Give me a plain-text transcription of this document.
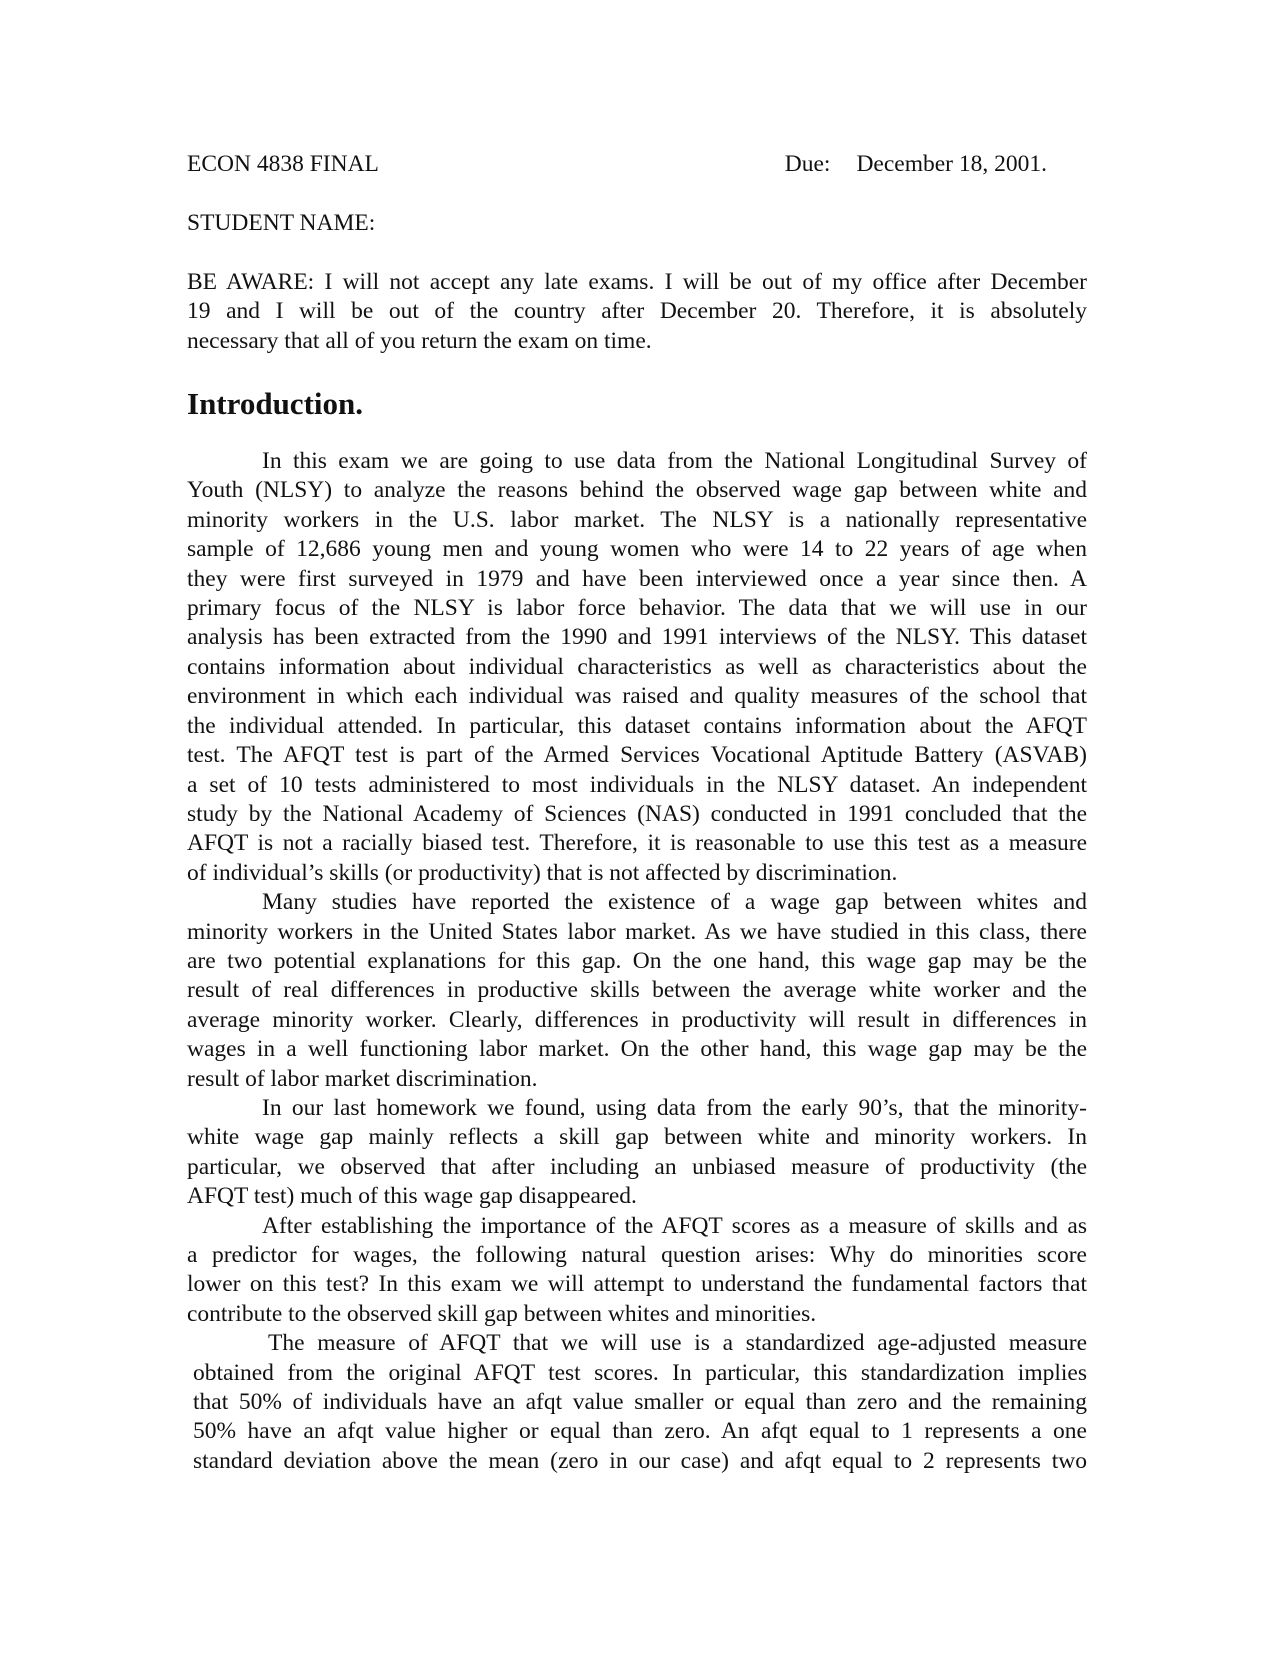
ECON 4838 FINAL	Due: December 18, 2001.
STUDENT NAME:
BE AWARE: I will not accept any late exams. I will be out of my office after December
19 and I will be out of the country after December 20. Therefore, it is absolutely
necessary that all of you return the exam on time.
Introduction.
In this exam we are going to use data from the National Longitudinal Survey of
Youth (NLSY) to analyze the reasons behind the observed wage gap between white and
minority workers in the U.S. labor market. The NLSY is a nationally representative
sample of 12,686 young men and young women who were 14 to 22 years of age when
they were first surveyed in 1979 and have been interviewed once a year since then. A
primary focus of the NLSY is labor force behavior. The data that we will use in our
analysis has been extracted from the 1990 and 1991 interviews of the NLSY. This dataset
contains information about individual characteristics as well as characteristics about the
environment in which each individual was raised and quality measures of the school that
the individual attended. In particular, this dataset contains information about the AFQT
test. The AFQT test is part of the Armed Services Vocational Aptitude Battery (ASVAB)
a set of 10 tests administered to most individuals in the NLSY dataset. An independent
study by the National Academy of Sciences (NAS) conducted in 1991 concluded that the
AFQT is not a racially biased test. Therefore, it is reasonable to use this test as a measure
of individual’s skills (or productivity) that is not affected by discrimination.
Many studies have reported the existence of a wage gap between whites and
minority workers in the United States labor market. As we have studied in this class, there
are two potential explanations for this gap. On the one hand, this wage gap may be the
result of real differences in productive skills between the average white worker and the
average minority worker. Clearly, differences in productivity will result in differences in
wages in a well functioning labor market. On the other hand, this wage gap may be the
result of labor market discrimination.
In our last homework we found, using data from the early 90’s, that the minority-
white wage gap mainly reflects a skill gap between white and minority workers. In
particular, we observed that after including an unbiased measure of productivity (the
AFQT test) much of this wage gap disappeared.
After establishing the importance of the AFQT scores as a measure of skills and as
a predictor for wages, the following natural question arises: Why do minorities score
lower on this test? In this exam we will attempt to understand the fundamental factors that
contribute to the observed skill gap between whites and minorities.
The measure of AFQT that we will use is a standardized age-adjusted measure
obtained from the original AFQT test scores. In particular, this standardization implies
that 50% of individuals have an afqt value smaller or equal than zero and the remaining
50% have an afqt value higher or equal than zero. An afqt equal to 1 represents a one
standard deviation above the mean (zero in our case) and afqt equal to 2 represents two
